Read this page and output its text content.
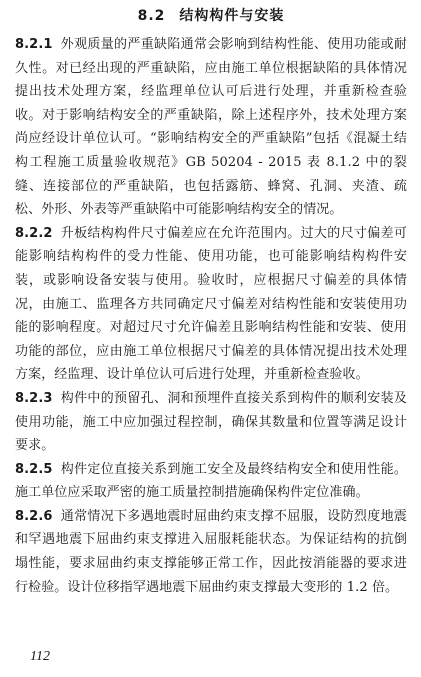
8.2 结构构件与安装

8.2.1 外观质量的严重缺陷通常会影响到结构性能、使用功能或耐久性。对已经出现的严重缺陷，应由施工单位根据缺陷的具体情况提出技术处理方案，经监理单位认可后进行处理，并重新检查验收。对于影响结构安全的严重缺陷，除上述程序外，技术处理方案尚应经设计单位认可。“影响结构安全的严重缺陷”包括《混凝土结构工程施工质量验收规范》GB 50204 - 2015 表 8.1.2 中的裂缝、连接部位的严重缺陷，也包括露筋、蜂窝、孔洞、夹渣、疏松、外形、外表等严重缺陷中可能影响结构安全的情况。

8.2.2 升板结构构件尺寸偏差应在允许范围内。过大的尺寸偏差可能影响结构构件的受力性能、使用功能，也可能影响结构构件安装，或影响设备安装与使用。验收时，应根据尺寸偏差的具体情况，由施工、监理各方共同确定尺寸偏差对结构性能和安装使用功能的影响程度。对超过尺寸允许偏差且影响结构性能和安装、使用功能的部位，应由施工单位根据尺寸偏差的具体情况提出技术处理方案，经监理、设计单位认可后进行处理，并重新检查验收。

8.2.3 构件中的预留孔、洞和预埋件直接关系到构件的顺利安装及使用功能，施工中应加强过程控制，确保其数量和位置等满足设计要求。

8.2.5 构件定位直接关系到施工安全及最终结构安全和使用性能。施工单位应采取严密的施工质量控制措施确保构件定位准确。

8.2.6 通常情况下多遇地震时屈曲约束支撑不屈服，设防烈度地震和罕遇地震下屈曲约束支撑进入屈服耗能状态。为保证结构的抗倒塌性能，要求屈曲约束支撑能够正常工作，因此按消能器的要求进行检验。设计位移指罕遇地震下屈曲约束支撑最大变形的 1.2 倍。

112
